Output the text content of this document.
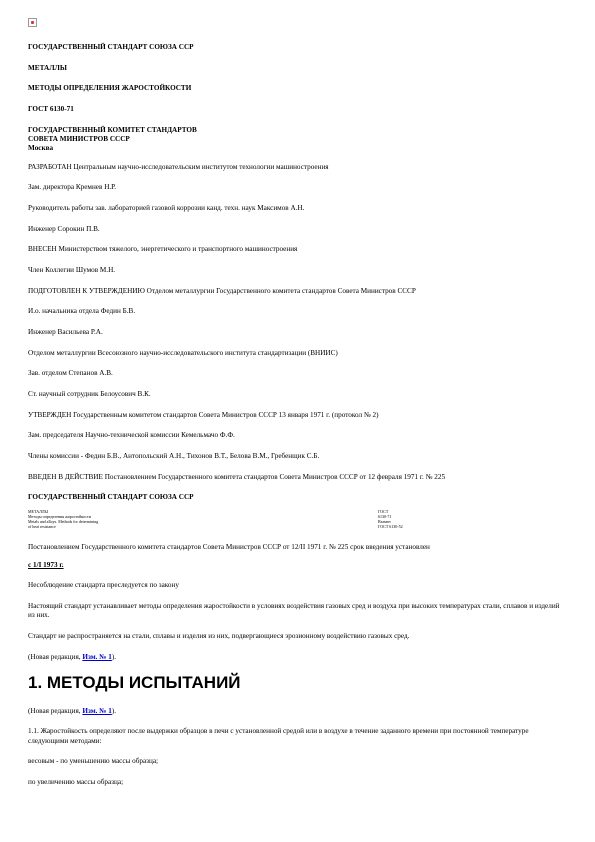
ГОСУДАРСТВЕННЫЙ СТАНДАРТ СОЮЗА ССР

МЕТАЛЛЫ

МЕТОДЫ ОПРЕДЕЛЕНИЯ ЖАРОСТОЙКОСТИ

ГОСТ 6130-71

ГОСУДАРСТВЕННЫЙ КОМИТЕТ СТАНДАРТОВ
СОВЕТА МИНИСТРОВ СССР
Москва

РАЗРАБОТАН Центральным научно-исследовательским институтом технологии машиностроения

Зам. директора Кремнев Н.Р.

Руководитель работы зав. лабораторией газовой коррозии канд. техн. наук Максимов А.Н.

Инженер Сорокин П.В.

ВНЕСЕН Министерством тяжелого, энергетического и транспортного машиностроения

Член Коллегии Шумов М.Н.

ПОДГОТОВЛЕН К УТВЕРЖДЕНИЮ Отделом металлургии Государственного комитета стандартов Совета Министров СССР

И.о. начальника отдела Федин Б.В.

Инженер Васильева Р.А.

Отделом металлургии Всесоюзного научно-исследовательского института стандартизации (ВНИИС)

Зав. отделом Степанов А.В.

Ст. научный сотрудник Белоусович В.К.

УТВЕРЖДЕН Государственным комитетом стандартов Совета Министров СССР 13 января 1971 г. (протокол № 2)

Зам. председателя Научно-технической комиссии Кемельмачо Ф.Ф.

Члены комиссии - Федин Б.В., Антопольский А.Н., Тихонов В.Т., Белова В.М., Гребенщик С.Б.

ВВЕДЕН В ДЕЙСТВИЕ Постановлением Государственного комитета стандартов Совета Министров СССР от 12 февраля 1971 г. № 225

ГОСУДАРСТВЕННЫЙ СТАНДАРТ СОЮЗА ССР

МЕТАЛЛЫ
Методы определения жаростойкости
Metals and alloys. Methods for determining
of heat resistance
ГОСТ
6130-71
Взамен
ГОСТ 6130-52

Постановлением Государственного комитета стандартов Совета Министров СССР от 12/II 1971 г. № 225 срок введения установлен

с 1/I 1973 г.

Несоблюдение стандарта преследуется по закону

Настоящий стандарт устанавливает методы определения жаростойкости в условиях воздействия газовых сред и воздуха при высоких температурах стали, сплавов и изделий из них.

Стандарт не распространяется на стали, сплавы и изделия из них, подвергающиеся эрозионному воздействию газовых сред.

(Новая редакция, Изм. № 1).

1. МЕТОДЫ ИСПЫТАНИЙ

(Новая редакция, Изм. № 1).

1.1. Жаростойкость определяют после выдержки образцов в печи с установленной средой или в воздухе в течение заданного времени при постоянной температуре следующими методами:

весовым - по уменьшению массы образца;

по увеличению массы образца;
